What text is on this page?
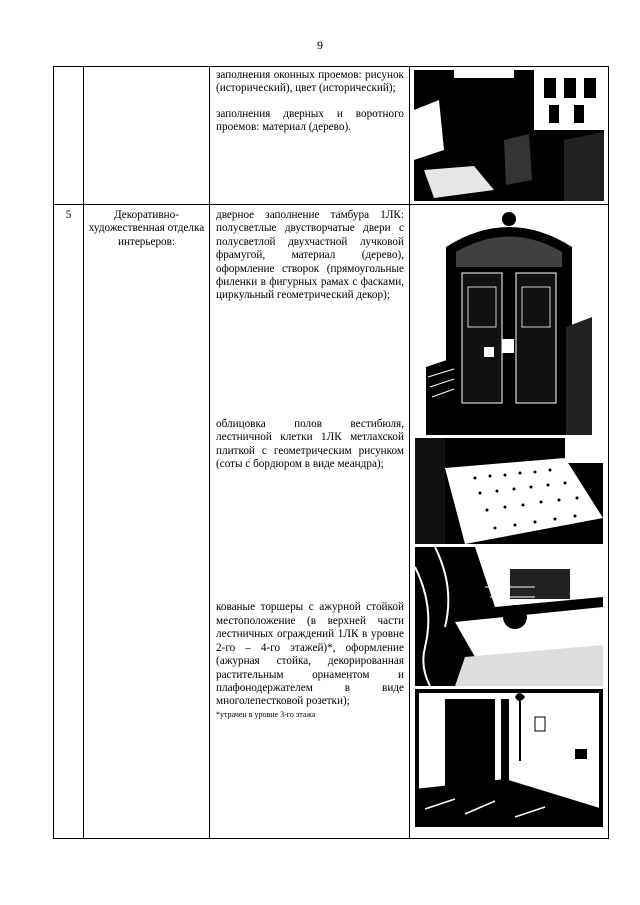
9

		заполнения оконных проемов: рисунок (исторический), цвет (исторический);
заполнения дверных и воротного проемов: материал (дерево).

5	Декоративно-художественная отделка интерьеров:	дверное заполнение тамбура 1ЛК: полусветлые двустворчатые двери с полусветлой двухчастной лучковой фрамугой, материал (дерево), оформление створок (прямоугольные филенки в фигурных рамах с фасками, циркульный геометрический декор);
облицовка полов вестибюля, лестничной клетки 1ЛК метлахской плиткой с геометрическим рисунком (соты с бордюром в виде меандра);
кованые торшеры с ажурной стойкой местоположение (в верхней части лестничных ограждений 1ЛК в уровне 2-го – 4-го этажей)*, оформление (ажурная стойка, декорированная растительным орнаментом и плафонодержателем в виде многолепестковой розетки);
*утрачен в уровне 3-го этажа
